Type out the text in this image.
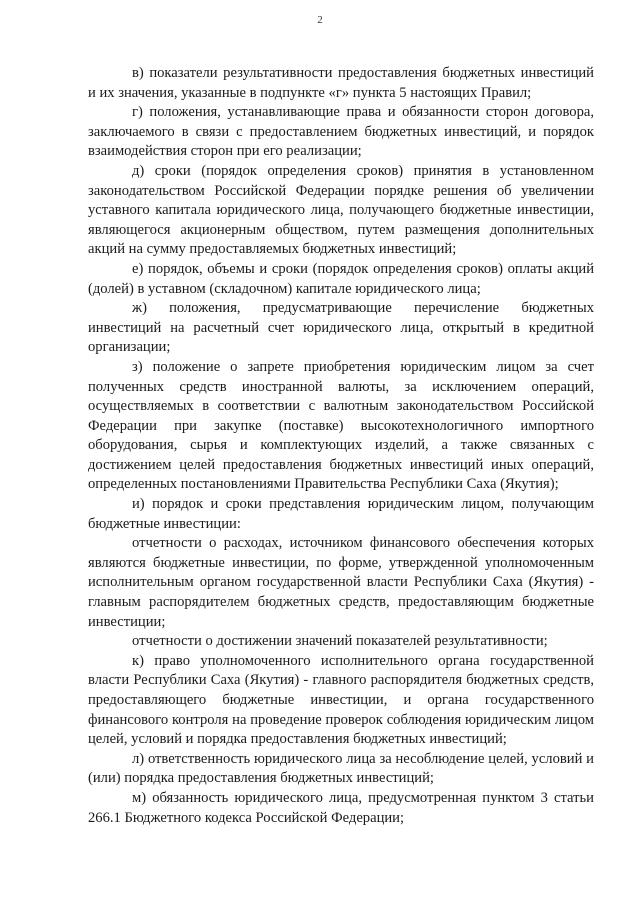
2

в) показатели результативности предоставления бюджетных инвестиций и их значения, указанные в подпункте «г» пункта 5 настоящих Правил;

г) положения, устанавливающие права и обязанности сторон договора, заключаемого в связи с предоставлением бюджетных инвестиций, и порядок взаимодействия сторон при его реализации;

д) сроки (порядок определения сроков) принятия в установленном законодательством Российской Федерации порядке решения об увеличении уставного капитала юридического лица, получающего бюджетные инвестиции, являющегося акционерным обществом, путем размещения дополнительных акций на сумму предоставляемых бюджетных инвестиций;

е) порядок, объемы и сроки (порядок определения сроков) оплаты акций (долей) в уставном (складочном) капитале юридического лица;

ж) положения, предусматривающие перечисление бюджетных инвестиций на расчетный счет юридического лица, открытый в кредитной организации;

з) положение о запрете приобретения юридическим лицом за счет полученных средств иностранной валюты, за исключением операций, осуществляемых в соответствии с валютным законодательством Российской Федерации при закупке (поставке) высокотехнологичного импортного оборудования, сырья и комплектующих изделий, а также связанных с достижением целей предоставления бюджетных инвестиций иных операций, определенных постановлениями Правительства Республики Саха (Якутия);

и) порядок и сроки представления юридическим лицом, получающим бюджетные инвестиции:

отчетности о расходах, источником финансового обеспечения которых являются бюджетные инвестиции, по форме, утвержденной уполномоченным исполнительным органом государственной власти Республики Саха (Якутия) - главным распорядителем бюджетных средств, предоставляющим бюджетные инвестиции;

отчетности о достижении значений показателей результативности;

к) право уполномоченного исполнительного органа государственной власти Республики Саха (Якутия) - главного распорядителя бюджетных средств, предоставляющего бюджетные инвестиции, и органа государственного финансового контроля на проведение проверок соблюдения юридическим лицом целей, условий и порядка предоставления бюджетных инвестиций;

л) ответственность юридического лица за несоблюдение целей, условий и (или) порядка предоставления бюджетных инвестиций;

м) обязанность юридического лица, предусмотренная пунктом 3 статьи 266.1 Бюджетного кодекса Российской Федерации;
